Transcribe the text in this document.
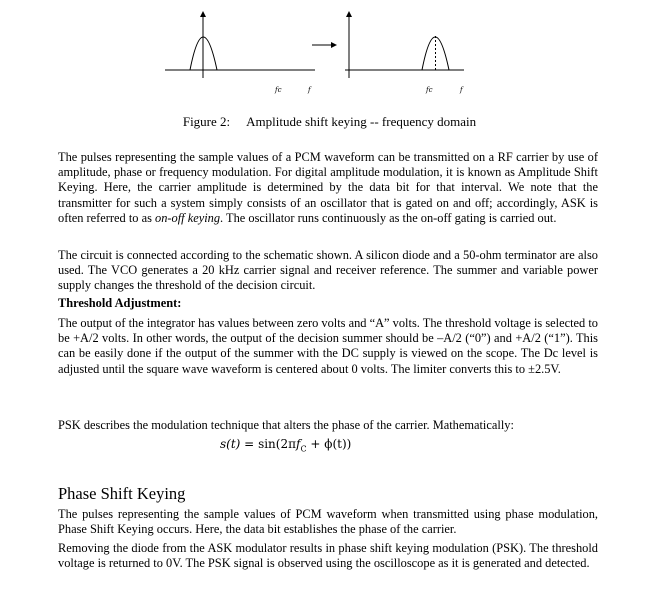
fc	f	fc	f
Figure 2: Amplitude shift keying -- frequency domain

The pulses representing the sample values of a PCM waveform can be transmitted on a RF carrier by use of amplitude, phase or frequency modulation. For digital amplitude modulation, it is known as Amplitude Shift Keying. Here, the carrier amplitude is determined by the data bit for that interval. We note that the transmitter for such a system simply consists of an oscillator that is gated on and off; accordingly, ASK is often referred to as on-off keying. The oscillator runs continuously as the on-off gating is carried out.

The circuit is connected according to the schematic shown. A silicon diode and a 50-ohm terminator are also used. The VCO generates a 20 kHz carrier signal and receiver reference. The summer and variable power supply changes the threshold of the decision circuit.

Threshold Adjustment:

The output of the integrator has values between zero volts and “A” volts. The threshold voltage is selected to be +A/2 volts. In other words, the output of the decision summer should be –A/2 (“0”) and +A/2 (“1”). This can be easily done if the output of the summer with the DC supply is viewed on the scope. The Dc level is adjusted until the square wave waveform is centered about 0 volts. The limiter converts this to ±2.5V.

PSK describes the modulation technique that alters the phase of the carrier. Mathematically:

$s(t) = \sin(2\pi f_C + \phi(t))$
Phase Shift Keying

The pulses representing the sample values of PCM waveform when transmitted using phase modulation, Phase Shift Keying occurs. Here, the data bit establishes the phase of the carrier.

Removing the diode from the ASK modulator results in phase shift keying modulation (PSK). The threshold voltage is returned to 0V. The PSK signal is observed using the oscilloscope as it is generated and detected.
